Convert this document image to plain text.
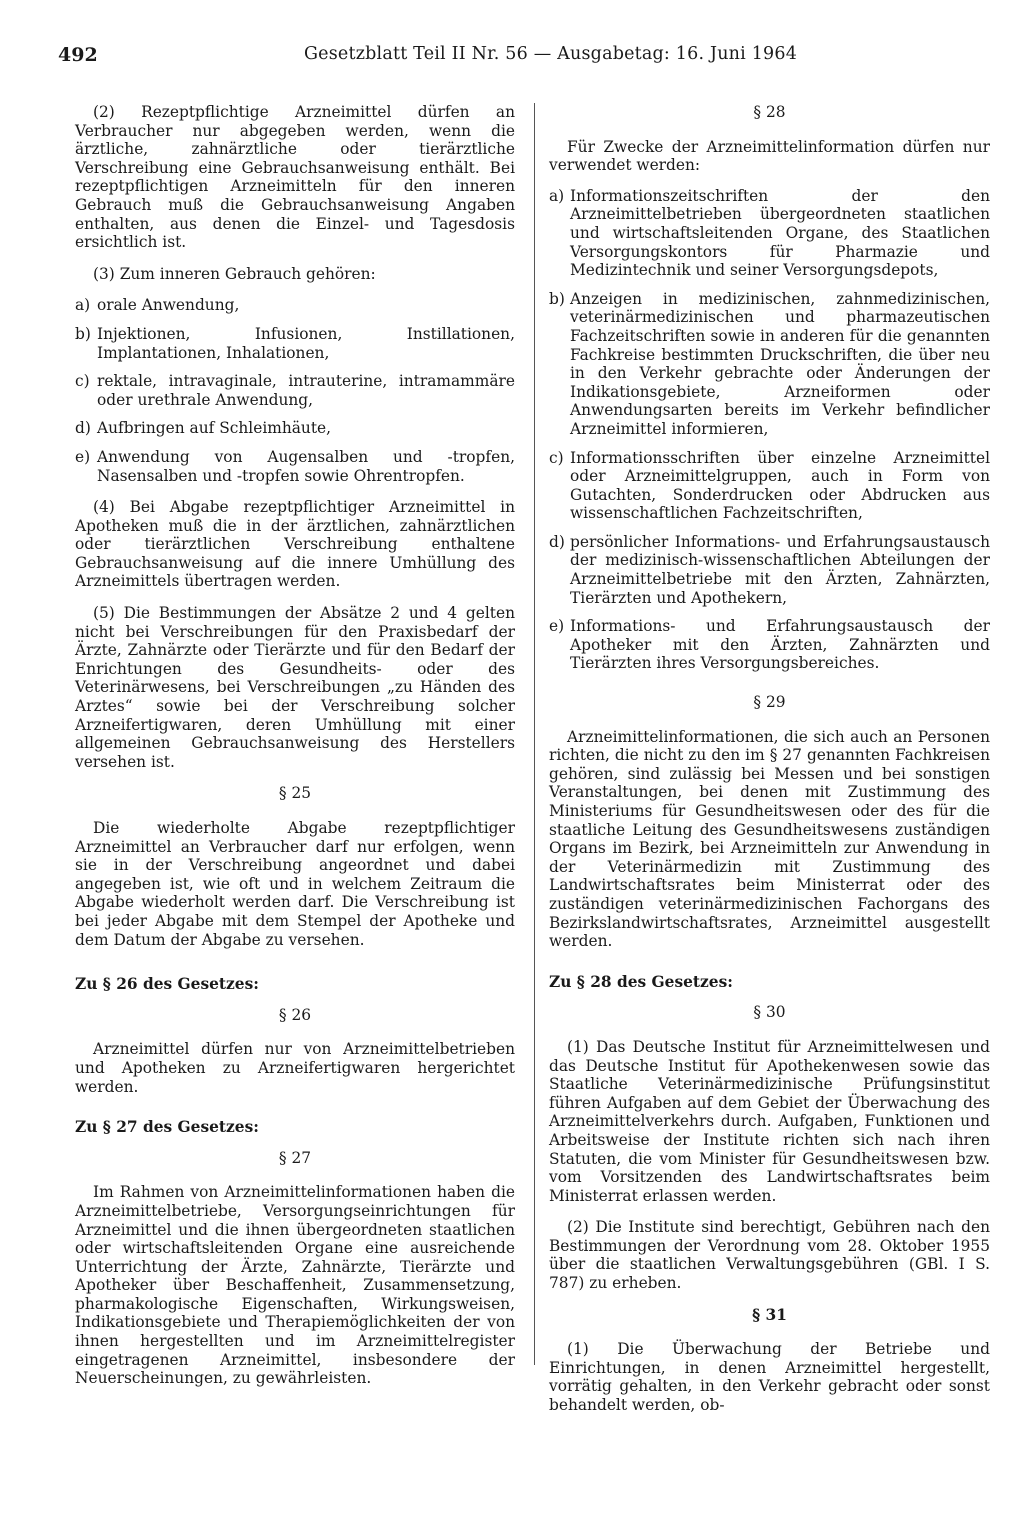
492	Gesetzblatt Teil II Nr. 56 — Ausgabetag: 16. Juni 1964

(2) Rezeptpflichtige Arzneimittel dürfen an Verbraucher nur abgegeben werden, wenn die ärztliche, zahnärztliche oder tierärztliche Verschreibung eine Gebrauchsanweisung enthält. Bei rezeptpflichtigen Arzneimitteln für den inneren Gebrauch muß die Gebrauchsanweisung Angaben enthalten, aus denen die Einzel- und Tagesdosis ersichtlich ist.

(3) Zum inneren Gebrauch gehören:

a) orale Anwendung,
b) Injektionen, Infusionen, Instillationen, Implantationen, Inhalationen,
c) rektale, intravaginale, intrauterine, intramammäre oder urethrale Anwendung,
d) Aufbringen auf Schleimhäute,
e) Anwendung von Augensalben und -tropfen, Nasensalben und -tropfen sowie Ohrentropfen.

(4) Bei Abgabe rezeptpflichtiger Arzneimittel in Apotheken muß die in der ärztlichen, zahnärztlichen oder tierärztlichen Verschreibung enthaltene Gebrauchsanweisung auf die innere Umhüllung des Arzneimittels übertragen werden.

(5) Die Bestimmungen der Absätze 2 und 4 gelten nicht bei Verschreibungen für den Praxisbedarf der Ärzte, Zahnärzte oder Tierärzte und für den Bedarf der Enrichtungen des Gesundheits- oder des Veterinärwesens, bei Verschreibungen „zu Händen des Arztes“ sowie bei der Verschreibung solcher Arzneifertigwaren, deren Umhüllung mit einer allgemeinen Gebrauchsanweisung des Herstellers versehen ist.

§ 25

Die wiederholte Abgabe rezeptpflichtiger Arzneimittel an Verbraucher darf nur erfolgen, wenn sie in der Verschreibung angeordnet und dabei angegeben ist, wie oft und in welchem Zeitraum die Abgabe wiederholt werden darf. Die Verschreibung ist bei jeder Abgabe mit dem Stempel der Apotheke und dem Datum der Abgabe zu versehen.

Zu § 26 des Gesetzes:

§ 26

Arzneimittel dürfen nur von Arzneimittelbetrieben und Apotheken zu Arzneifertigwaren hergerichtet werden.

Zu § 27 des Gesetzes:

§ 27

Im Rahmen von Arzneimittelinformationen haben die Arzneimittelbetriebe, Versorgungseinrichtungen für Arzneimittel und die ihnen übergeordneten staatlichen oder wirtschaftsleitenden Organe eine ausreichende Unterrichtung der Ärzte, Zahnärzte, Tierärzte und Apotheker über Beschaffenheit, Zusammensetzung, pharmakologische Eigenschaften, Wirkungsweisen, Indikationsgebiete und Therapiemöglichkeiten der von ihnen hergestellten und im Arzneimittelregister eingetragenen Arzneimittel, insbesondere der Neuerscheinungen, zu gewährleisten.

§ 28

Für Zwecke der Arzneimittelinformation dürfen nur verwendet werden:

a) Informationszeitschriften der den Arzneimittelbetrieben übergeordneten staatlichen und wirtschaftsleitenden Organe, des Staatlichen Versorgungskontors für Pharmazie und Medizintechnik und seiner Versorgungsdepots,
b) Anzeigen in medizinischen, zahnmedizinischen, veterinärmedizinischen und pharmazeutischen Fachzeitschriften sowie in anderen für die genannten Fachkreise bestimmten Druckschriften, die über neu in den Verkehr gebrachte oder Änderungen der Indikationsgebiete, Arzneiformen oder Anwendungsarten bereits im Verkehr befindlicher Arzneimittel informieren,
c) Informationsschriften über einzelne Arzneimittel oder Arzneimittelgruppen, auch in Form von Gutachten, Sonderdrucken oder Abdrucken aus wissenschaftlichen Fachzeitschriften,
d) persönlicher Informations- und Erfahrungsaustausch der medizinisch-wissenschaftlichen Abteilungen der Arzneimittelbetriebe mit den Ärzten, Zahnärzten, Tierärzten und Apothekern,
e) Informations- und Erfahrungsaustausch der Apotheker mit den Ärzten, Zahnärzten und Tierärzten ihres Versorgungsbereiches.

§ 29

Arzneimittelinformationen, die sich auch an Personen richten, die nicht zu den im § 27 genannten Fachkreisen gehören, sind zulässig bei Messen und bei sonstigen Veranstaltungen, bei denen mit Zustimmung des Ministeriums für Gesundheitswesen oder des für die staatliche Leitung des Gesundheitswesens zuständigen Organs im Bezirk, bei Arzneimitteln zur Anwendung in der Veterinärmedizin mit Zustimmung des Landwirtschaftsrates beim Ministerrat oder des zuständigen veterinärmedizinischen Fachorgans des Bezirkslandwirtschaftsrates, Arzneimittel ausgestellt werden.

Zu § 28 des Gesetzes:

§ 30

(1) Das Deutsche Institut für Arzneimittelwesen und das Deutsche Institut für Apothekenwesen sowie das Staatliche Veterinärmedizinische Prüfungsinstitut führen Aufgaben auf dem Gebiet der Überwachung des Arzneimittelverkehrs durch. Aufgaben, Funktionen und Arbeitsweise der Institute richten sich nach ihren Statuten, die vom Minister für Gesundheitswesen bzw. vom Vorsitzenden des Landwirtschaftsrates beim Ministerrat erlassen werden.

(2) Die Institute sind berechtigt, Gebühren nach den Bestimmungen der Verordnung vom 28. Oktober 1955 über die staatlichen Verwaltungsgebühren (GBl. I S. 787) zu erheben.

§ 31

(1) Die Überwachung der Betriebe und Einrichtungen, in denen Arzneimittel hergestellt, vorrätig gehalten, in den Verkehr gebracht oder sonst behandelt werden, ob-
